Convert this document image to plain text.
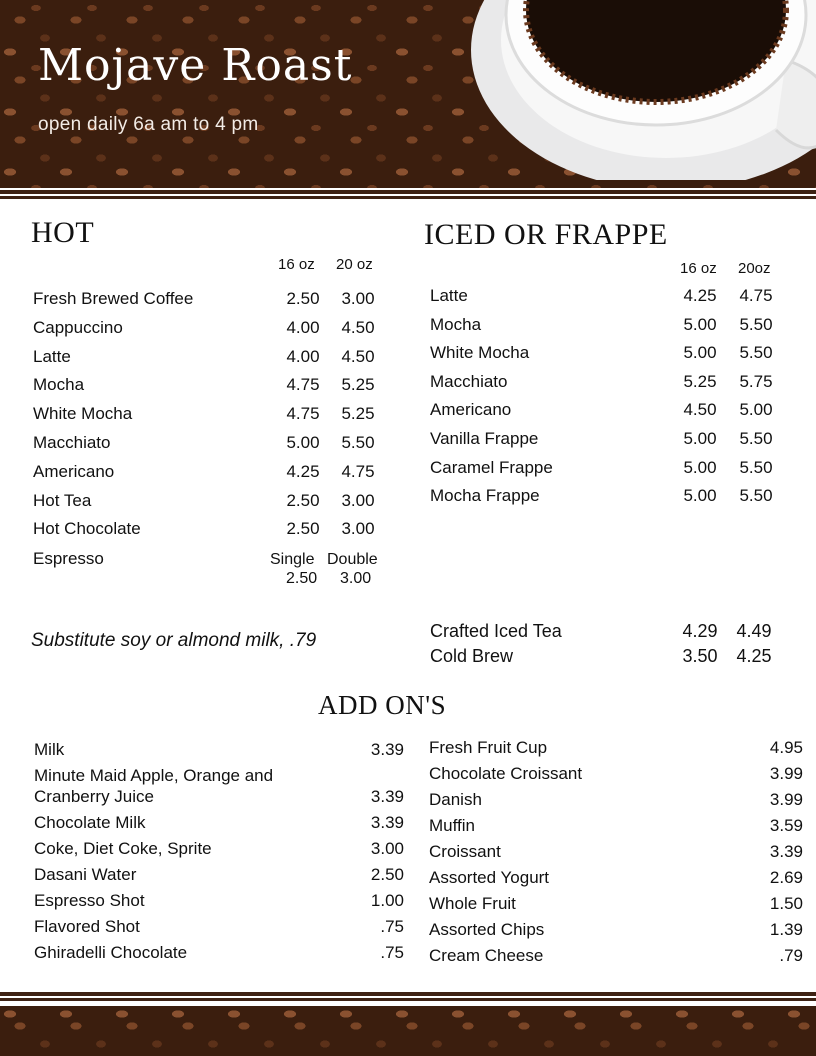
Mojave Roast
open daily 6a am to 4 pm
HOT
16 oz 20 oz
Fresh Brewed Coffee	2.50	3.00
Cappuccino	4.00	4.50
Latte	4.00	4.50
Mocha	4.75	5.25
White Mocha	4.75	5.25
Macchiato	5.00	5.50
Americano	4.25	4.75
Hot Tea	2.50	3.00
Hot Chocolate	2.50	3.00
Espresso	Single Double
2.50 3.00
Substitute soy or almond milk, .79
ICED OR FRAPPE
16 oz 20oz
Latte	4.25	4.75
Mocha	5.00	5.50
White Mocha	5.00	5.50
Macchiato	5.25	5.75
Americano	4.50	5.00
Vanilla Frappe	5.00	5.50
Caramel Frappe	5.00	5.50
Mocha Frappe	5.00	5.50
Crafted Iced Tea	4.29	4.49
Cold Brew	3.50	4.25
ADD ON'S
Milk	3.39
Minute Maid Apple, Orange and
Cranberry Juice	3.39
Chocolate Milk	3.39
Coke, Diet Coke, Sprite	3.00
Dasani Water	2.50
Espresso Shot	1.00
Flavored Shot	.75
Ghiradelli Chocolate	.75
Fresh Fruit Cup	4.95
Chocolate Croissant	3.99
Danish	3.99
Muffin	3.59
Croissant	3.39
Assorted Yogurt	2.69
Whole Fruit	1.50
Assorted Chips	1.39
Cream Cheese	.79
